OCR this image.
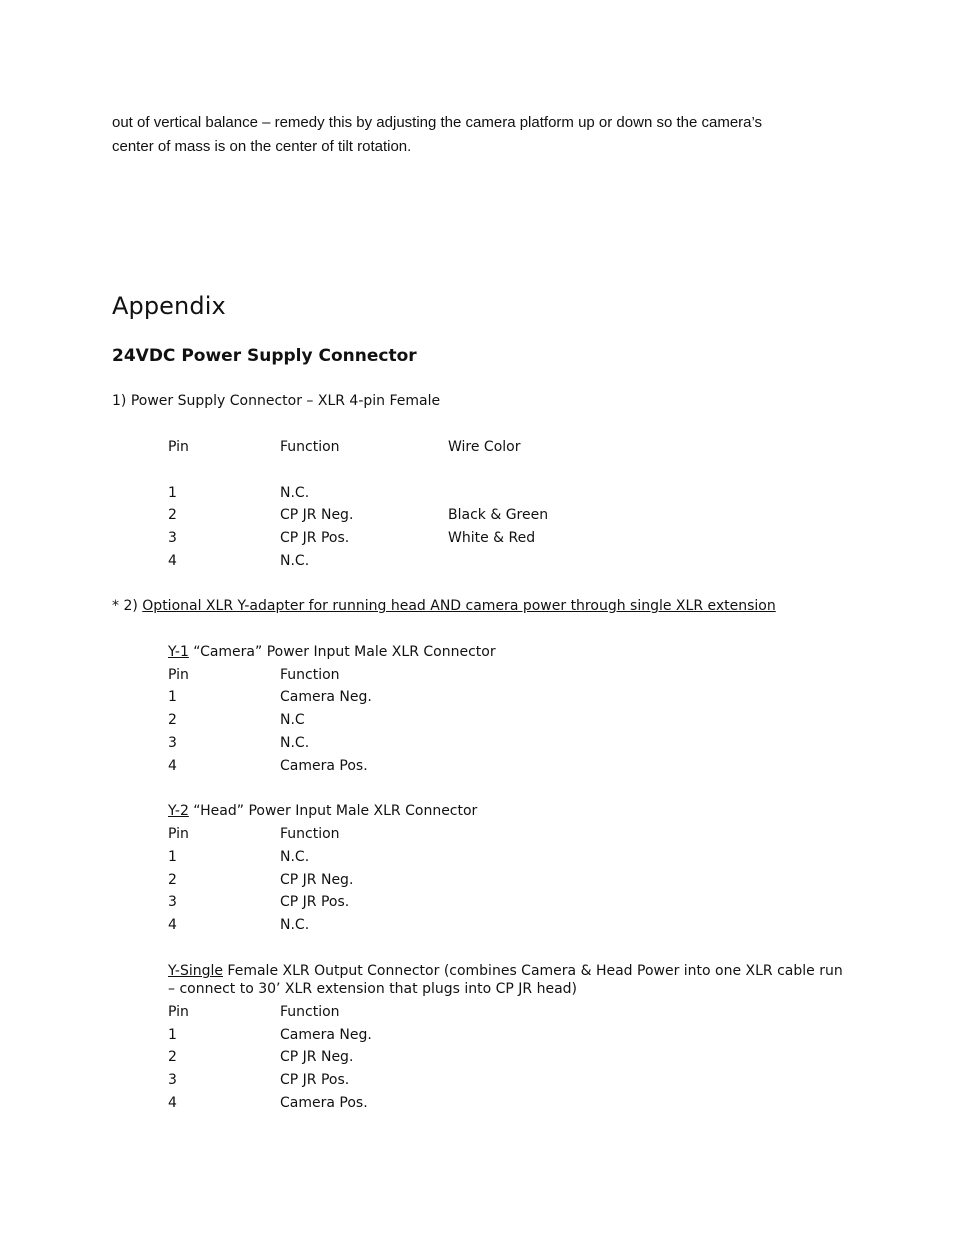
out of vertical balance – remedy this by adjusting the camera platform up or down so the camera’s
center of mass is on the center of tilt rotation.
Appendix
24VDC Power Supply Connector
1) Power Supply Connector – XLR 4-pin Female
Pin	Function	Wire Color
1	N.C.
2	CP JR Neg.	Black & Green
3	CP JR Pos.	White & Red
4	N.C.
* 2) Optional XLR Y-adapter for running head AND camera power through single XLR extension
Y-1 “Camera” Power Input Male XLR Connector
Pin	Function
1	Camera Neg.
2	N.C
3	N.C.
4	Camera Pos.
Y-2 “Head” Power Input Male XLR Connector
Pin	Function
1	N.C.
2	CP JR Neg.
3	CP JR Pos.
4	N.C.
Y-Single Female XLR Output Connector (combines Camera & Head Power into one XLR cable run
– connect to 30’ XLR extension that plugs into CP JR head)
Pin	Function
1	Camera Neg.
2	CP JR Neg.
3	CP JR Pos.
4	Camera Pos.
